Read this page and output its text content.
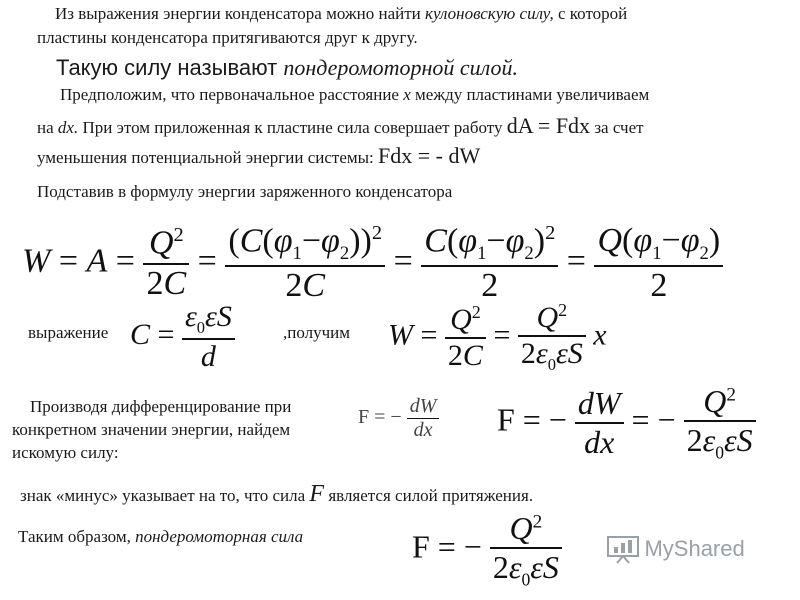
Из выражения энергии конденсатора можно найти кулоновскую силу, с которой
пластины конденсатора притягиваются друг к другу.
Такую силу называют пондеромоторной силой.
Предположим, что первоначальное расстояние x между пластинами увеличиваем
на dx. При этом приложенная к пластине сила совершает работу dA = Fdx за счет
уменьшения потенциальной энергии системы: Fdx = - dW
Подставив в формулу энергии заряженного конденсатора
$W = A = \frac{Q^2}{2C} = \frac{(C(\varphi_1-\varphi_2))^2}{2C} = \frac{C(\varphi_1-\varphi_2)^2}{2} = \frac{Q(\varphi_1-\varphi_2)}{2}$
выражение $C = \frac{\varepsilon_0\varepsilon S}{d}$	,получим $W = \frac{Q^2}{2C} = \frac{Q^2}{2\varepsilon_0\varepsilon S}$ x
Производя дифференцирование при
конкретном значении энергии, найдем
искомую силу:
F = − $\frac{dW}{dx}$ F = − $\frac{dW}{dx}$ = − $\frac{Q^2}{2\varepsilon_0\varepsilon S}$
знак «минус» указывает на то, что сила F является силой притяжения.
Таким образом, пондеромоторная сила	F = − $\frac{Q^2}{2\varepsilon_0\varepsilon S}$	MyShared
